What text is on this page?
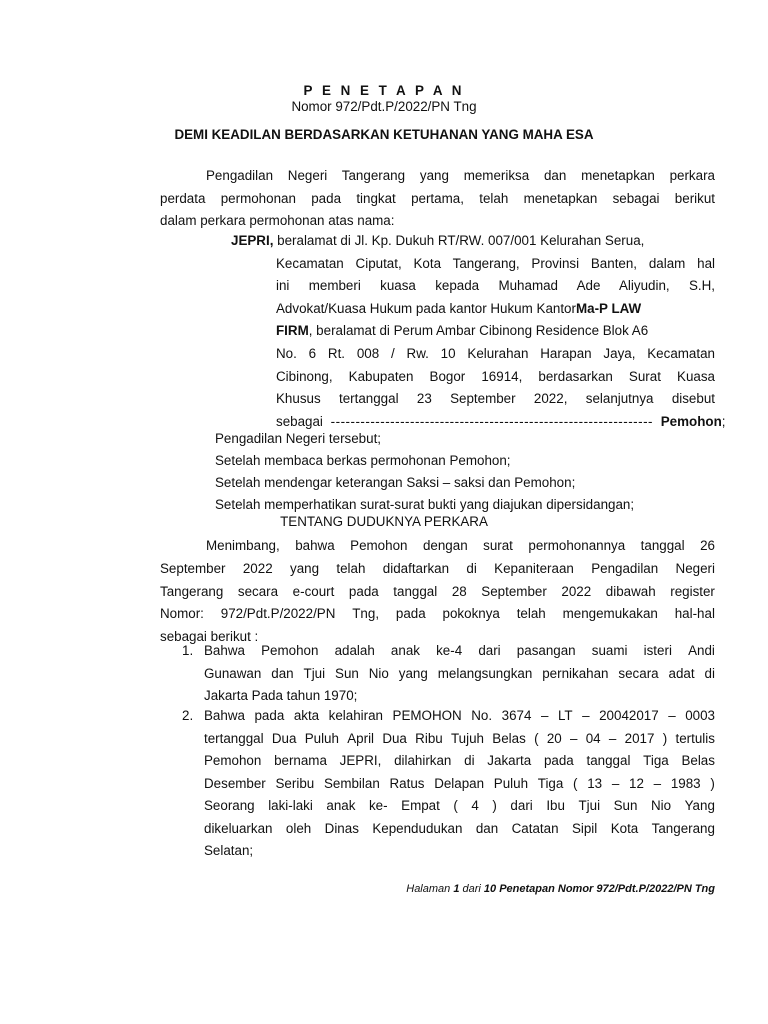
P E N E T A P A N
Nomor 972/Pdt.P/2022/PN Tng
DEMI KEADILAN BERDASARKAN KETUHANAN YANG MAHA ESA
Pengadilan Negeri Tangerang yang memeriksa dan menetapkan perkara
perdata permohonan pada tingkat pertama, telah menetapkan sebagai berikut
dalam perkara permohonan atas nama:
JEPRI, beralamat di Jl. Kp. Dukuh RT/RW. 007/001 Kelurahan Serua,
Kecamatan Ciputat, Kota Tangerang, Provinsi Banten, dalam hal
ini memberi kuasa kepada Muhamad Ade Aliyudin, S.H,
Advokat/Kuasa Hukum pada kantor Hukum KantorMa-P LAW
FIRM, beralamat di Perum Ambar Cibinong Residence Blok A6
No. 6 Rt. 008 / Rw. 10 Kelurahan Harapan Jaya, Kecamatan
Cibinong, Kabupaten Bogor 16914, berdasarkan Surat Kuasa
Khusus tertanggal 23 September 2022, selanjutnya disebut
sebagai ----------------------------------------------------------------- Pemohon;
Pengadilan Negeri tersebut;
Setelah membaca berkas permohonan Pemohon;
Setelah mendengar keterangan Saksi – saksi dan Pemohon;
Setelah memperhatikan surat-surat bukti yang diajukan dipersidangan;
TENTANG DUDUKNYA PERKARA
Menimbang, bahwa Pemohon dengan surat permohonannya tanggal 26
September 2022 yang telah didaftarkan di Kepaniteraan Pengadilan Negeri
Tangerang secara e-court pada tanggal 28 September 2022 dibawah register
Nomor: 972/Pdt.P/2022/PN Tng, pada pokoknya telah mengemukakan hal-hal
sebagai berikut :
1. Bahwa Pemohon adalah anak ke-4 dari pasangan suami isteri Andi
Gunawan dan Tjui Sun Nio yang melangsungkan pernikahan secara adat di
Jakarta Pada tahun 1970;
2. Bahwa pada akta kelahiran PEMOHON No. 3674 – LT – 20042017 – 0003
tertanggal Dua Puluh April Dua Ribu Tujuh Belas ( 20 – 04 – 2017 ) tertulis
Pemohon bernama JEPRI, dilahirkan di Jakarta pada tanggal Tiga Belas
Desember Seribu Sembilan Ratus Delapan Puluh Tiga ( 13 – 12 – 1983 )
Seorang laki-laki anak ke- Empat ( 4 ) dari Ibu Tjui Sun Nio Yang
dikeluarkan oleh Dinas Kependudukan dan Catatan Sipil Kota Tangerang
Selatan;
Halaman 1 dari 10 Penetapan Nomor 972/Pdt.P/2022/PN Tng
